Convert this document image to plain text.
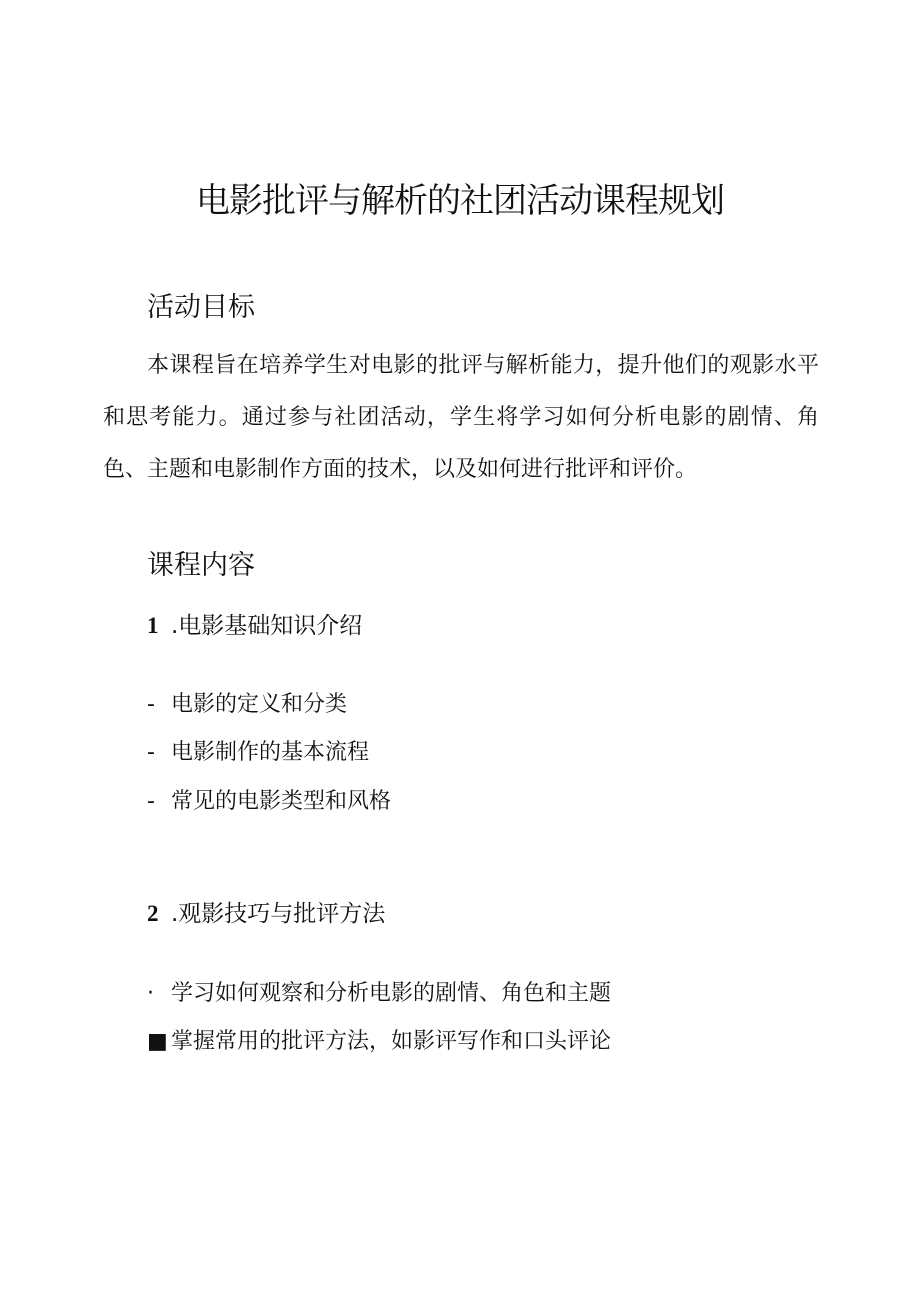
电影批评与解析的社团活动课程规划
活动目标

本课程旨在培养学生对电影的批评与解析能力，提升他们的观影水平和思考能力。通过参与社团活动，学生将学习如何分析电影的剧情、角色、主题和电影制作方面的技术，以及如何进行批评和评价。

课程内容
1 .电影基础知识介绍
- 电影的定义和分类
- 电影制作的基本流程
- 常见的电影类型和风格
2 .观影技巧与批评方法
· 学习如何观察和分析电影的剧情、角色和主题
■ 掌握常用的批评方法，如影评写作和口头评论
